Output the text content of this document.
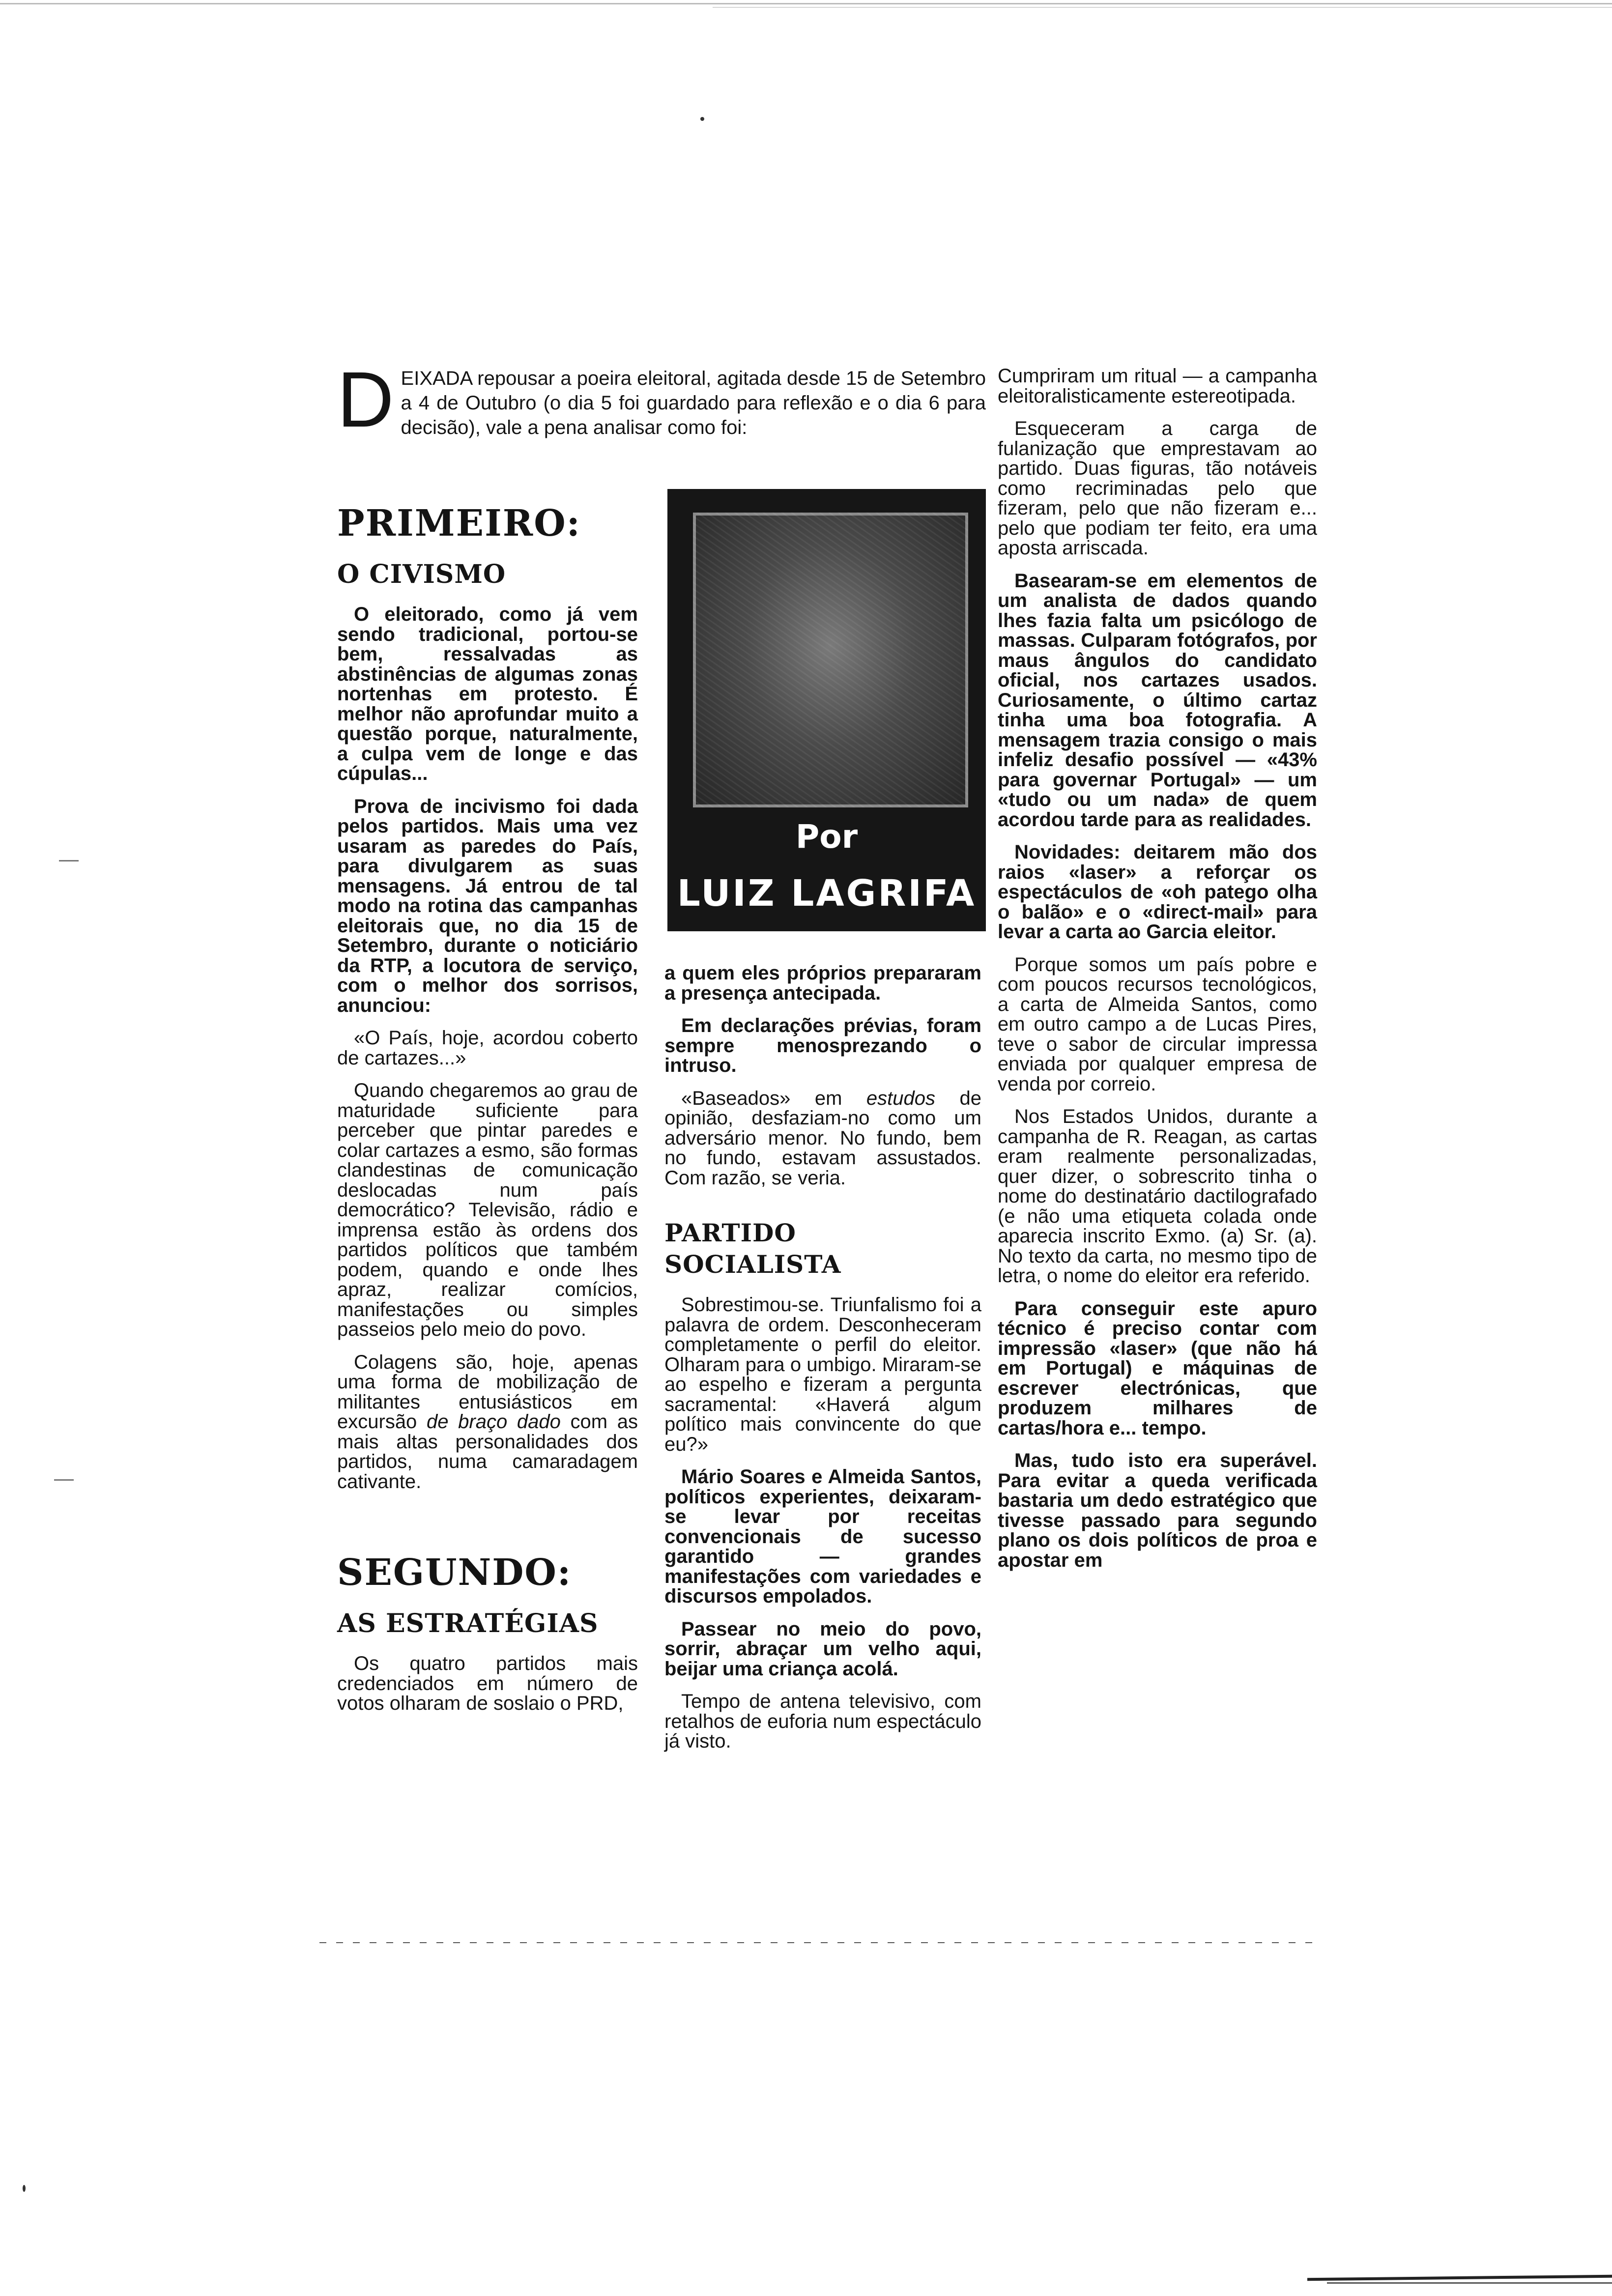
D EIXADA repousar a poeira eleitoral, agitada desde 15 de Setembro a 4 de Outubro (o dia 5 foi guardado para reflexão e o dia 6 para decisão), vale a pena analisar como foi:
PRIMEIRO:
O CIVISMO

O eleitorado, como já vem sendo tradicional, portou-se bem, ressalvadas as abstinências de algumas zonas nortenhas em protesto. É melhor não aprofundar muito a questão porque, naturalmente, a culpa vem de longe e das cúpulas...

Prova de incivismo foi dada pelos partidos. Mais uma vez usaram as paredes do País, para divulgarem as suas mensagens. Já entrou de tal modo na rotina das campanhas eleitorais que, no dia 15 de Setembro, durante o noticiário da RTP, a locutora de serviço, com o melhor dos sorrisos, anunciou:

«O País, hoje, acordou coberto de cartazes...»

Quando chegaremos ao grau de maturidade suficiente para perceber que pintar paredes e colar cartazes a esmo, são formas clandestinas de comunicação deslocadas num país democrático? Televisão, rádio e imprensa estão às ordens dos partidos políticos que também podem, quando e onde lhes apraz, realizar comícios, manifestações ou simples passeios pelo meio do povo.

Colagens são, hoje, apenas uma forma de mobilização de militantes entusiásticos em excursão de braço dado com as mais altas personalidades dos partidos, numa camaradagem cativante.

SEGUNDO:
AS ESTRATÉGIAS

Os quatro partidos mais credenciados em número de votos olharam de soslaio o PRD,

Por
LUIZ LAGRIFA

a quem eles próprios prepararam a presença antecipada.

Em declarações prévias, foram sempre menosprezando o intruso.

«Baseados» em estudos de opinião, desfaziam-no como um adversário menor. No fundo, bem no fundo, estavam assustados. Com razão, se veria.

PARTIDO SOCIALISTA

Sobrestimou-se. Triunfalismo foi a palavra de ordem. Desconheceram completamente o perfil do eleitor. Olharam para o umbigo. Miraram-se ao espelho e fizeram a pergunta sacramental: «Haverá algum político mais convincente do que eu?»

Mário Soares e Almeida Santos, políticos experientes, deixaram-se levar por receitas convencionais de sucesso garantido — grandes manifestações com variedades e discursos empolados.

Passear no meio do povo, sorrir, abraçar um velho aqui, beijar uma criança acolá.

Tempo de antena televisivo, com retalhos de euforia num espectáculo já visto.

Cumpriram um ritual — a campanha eleitoralisticamente estereotipada.

Esqueceram a carga de fulanização que emprestavam ao partido. Duas figuras, tão notáveis como recriminadas pelo que fizeram, pelo que não fizeram e... pelo que podiam ter feito, era uma aposta arriscada.

Basearam-se em elementos de um analista de dados quando lhes fazia falta um psicólogo de massas. Culparam fotógrafos, por maus ângulos do candidato oficial, nos cartazes usados. Curiosamente, o último cartaz tinha uma boa fotografia. A mensagem trazia consigo o mais infeliz desafio possível — «43% para governar Portugal» — um «tudo ou um nada» de quem acordou tarde para as realidades.

Novidades: deitarem mão dos raios «laser» a reforçar os espectáculos de «oh patego olha o balão» e o «direct-mail» para levar a carta ao Garcia eleitor.

Porque somos um país pobre e com poucos recursos tecnológicos, a carta de Almeida Santos, como em outro campo a de Lucas Pires, teve o sabor de circular impressa enviada por qualquer empresa de venda por correio.

Nos Estados Unidos, durante a campanha de R. Reagan, as cartas eram realmente personalizadas, quer dizer, o sobrescrito tinha o nome do destinatário dactilografado (e não uma etiqueta colada onde aparecia inscrito Exmo. (a) Sr. (a). No texto da carta, no mesmo tipo de letra, o nome do eleitor era referido.

Para conseguir este apuro técnico é preciso contar com impressão «laser» (que não há em Portugal) e máquinas de escrever electrónicas, que produzem milhares de cartas/hora e... tempo.

Mas, tudo isto era superável. Para evitar a queda verificada bastaria um dedo estratégico que tivesse passado para segundo plano os dois políticos de proa e apostar em
